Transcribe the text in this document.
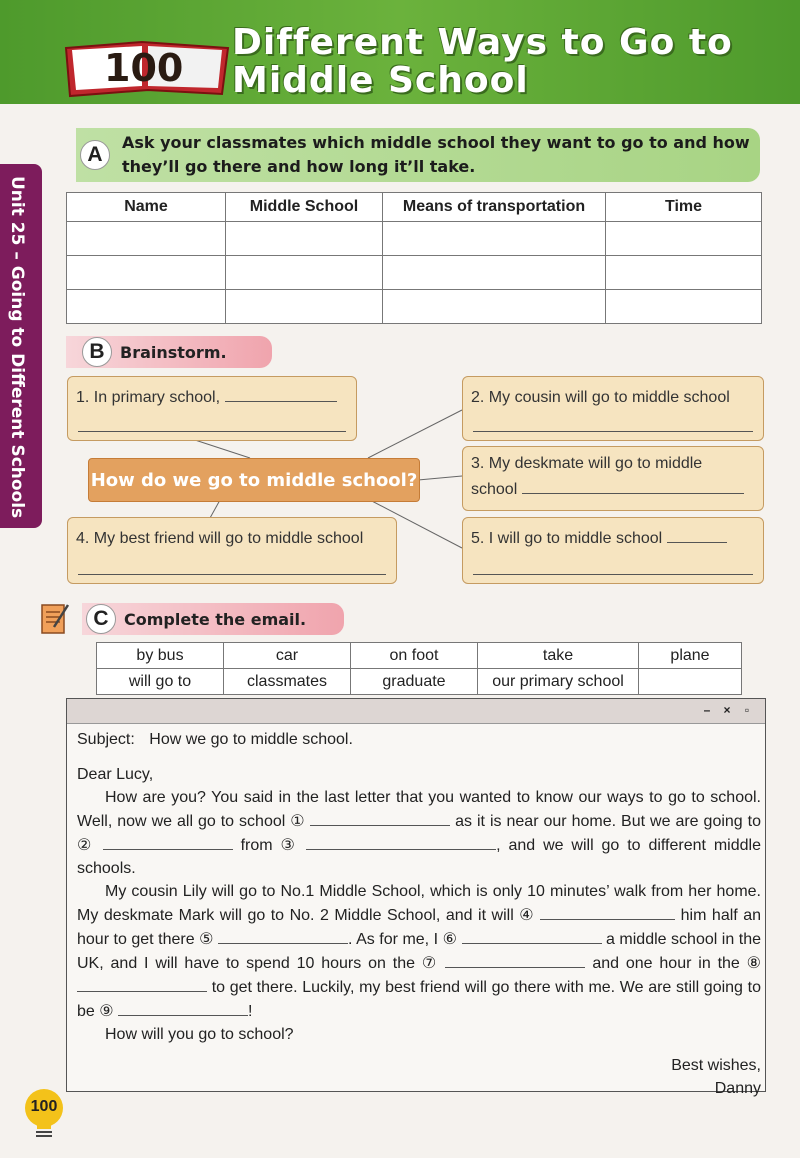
100
Different Ways to Go to
Middle School
Unit 25 – Going to Different Schools
A
Ask your classmates which middle school they want to go to and how
they’ll go there and how long it’ll take.
Name	Middle School	Means of transportation	Time

B Brainstorm.
1. In primary school,	2. My cousin will go to middle school
How do we go to middle school?
3. My deskmate will go to middle
school
4. My best friend will go to middle school	5. I will go to middle school
C Complete the email.
by bus	car	on foot	take	plane
will go to	classmates	graduate	our primary school	
– ×	▫
Subject: How we go to middle school.
Dear Lucy,
How are you? You said in the last letter that you wanted to know our ways to go to school. Well, now we all go to school ①	as it is near our home. But we are going to ②	from ③	, and we will go to different middle schools.
My cousin Lily will go to No.1 Middle School, which is only 10 minutes’ walk from her home. My deskmate Mark will go to No. 2 Middle School, and it will ④	him half an hour to get there ⑤	. As for me, I ⑥	a middle school in the UK, and I will have to spend 10 hours on the ⑦	and one hour in the ⑧  to get there. Luckily, my best friend will go there with me. We are still going to be ⑨	!
How will you go to school?
Best wishes,
Danny
100
